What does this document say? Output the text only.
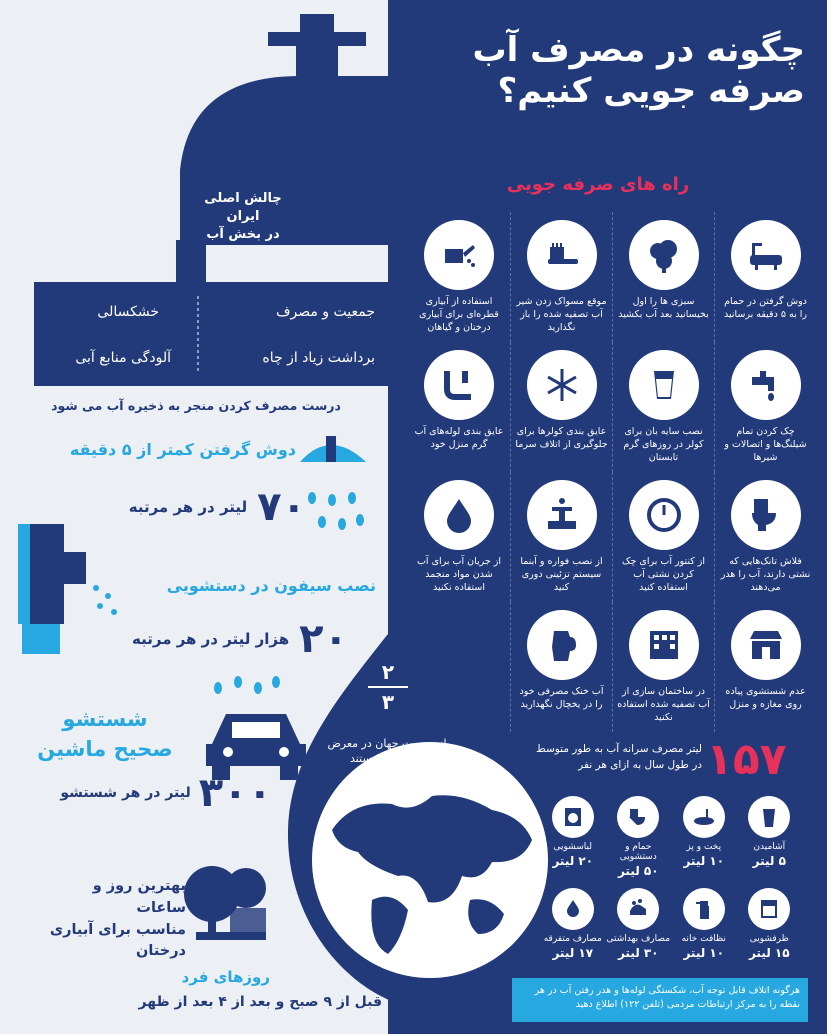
چگونه در مصرف آب
صرفه جویی کنیم؟
راه های صرفه جویی
چالش اصلی ایران
در بخش آب
جمعیت و مصرف
خشکسالی
برداشت زیاد از چاه
آلودگی منابع آبی
درست مصرف کردن منجر به ذخیره آب می شود
دوش گرفتن کمتر از ۵ دقیقه
۷۰
لیتر در هر مرتبه
نصب سیفون در دستشویی
۲۰
هزار لیتر در هر مرتبه
شستشو
صحیح ماشین
۳۰۰
لیتر در هر شستشو
بهترین روز و ساعات
مناسب برای آبیاری
درختان
روزهای فرد
قبل از ۹ صبح و بعد از ۴ بعد از ظهر
۲
۳
از جمعیت جهان در معرض کمبود آب هستند
دوش گرفتن در حمام را به ۵ دقیقه برسانید
سبزی ها را اول بخیسانید بعد آب بکشید
موقع مسواک زدن شیر آب تصفیه شده را باز نگذارید
استفاده از آبیاری قطره‌ای برای آبیاری درختان و گیاهان
چک کردن تمام شیلنگ‌ها و اتصالات و شیرها
نصب سایه بان برای کولر در روزهای گرم تابستان
عایق بندی کولرها برای جلوگیری از اتلاف سرما
عایق بندی لوله‌های آب گرم منزل خود
فلاش تانک‌هایی که نشتی دارند، آب را هدر می‌دهند
از کنتور آب برای چک کردن نشتی آب استفاده کنید
از نصب فواره و آبنما سیستم تزئینی دوری کنید
از جریان آب برای آب شدن مواد منجمد استفاده نکنید
عدم شستشوی پیاده روی مغازه و منزل
در ساختمان سازی از آب تصفیه شده استفاده نکنید
آب خنک مصرفی خود را در یخچال نگهدارید
۱۵۷
لیتر مصرف سرانه آب به طور متوسط در طول سال به ازای هر نفر
آشامیدن
۵ لیتر
پخت و پز
۱۰ لیتر
حمام و دستشویی
۵۰ لیتر
لباسشویی
۲۰ لیتر
ظرفشویی
۱۵ لیتر
نظافت خانه
۱۰ لیتر
مصارف بهداشتی
۳۰ لیتر
مصارف متفرقه
۱۷ لیتر
هرگونه اتلاف قابل توجه آب، شکستگی لوله‌ها و هدر رفتن آب در هر نقطه را به مرکز ارتباطات مردمی (تلفن ۱۲۲) اطلاع دهید
